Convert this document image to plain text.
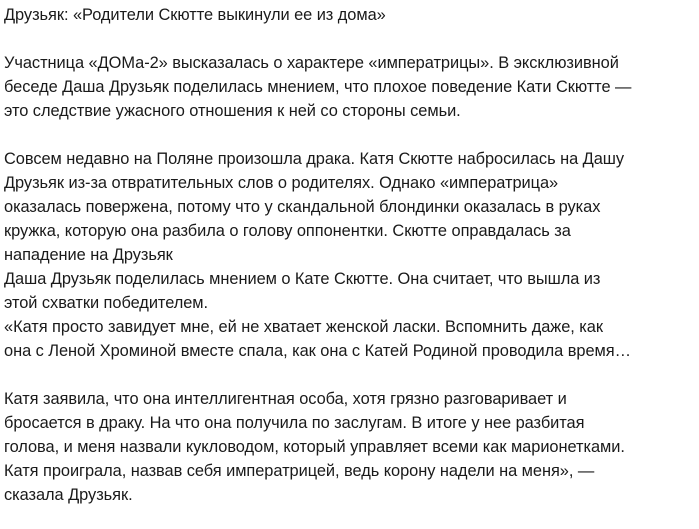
Друзьяк: «Родители Скютте выкинули ее из дома»
Участница «ДОМа-2» высказалась о характере «императрицы». В эксклюзивной
беседе Даша Друзьяк поделилась мнением, что плохое поведение Кати Скютте —
это следствие ужасного отношения к ней со стороны семьи.
Совсем недавно на Поляне произошла драка. Катя Скютте набросилась на Дашу
Друзьяк из-за отвратительных слов о родителях. Однако «императрица»
оказалась повержена, потому что у скандальной блондинки оказалась в руках
кружка, которую она разбила о голову оппонентки. Скютте оправдалась за
нападение на Друзьяк
Даша Друзьяк поделилась мнением о Кате Скютте. Она считает, что вышла из
этой схватки победителем.
«Катя просто завидует мне, ей не хватает женской ласки. Вспомнить даже, как
она с Леной Хроминой вместе спала, как она с Катей Родиной проводила время…
Катя заявила, что она интеллигентная особа, хотя грязно разговаривает и
бросается в драку. На что она получила по заслугам. В итоге у нее разбитая
голова, и меня назвали кукловодом, который управляет всеми как марионетками.
Катя проиграла, назвав себя императрицей, ведь корону надели на меня», —
сказала Друзьяк.
